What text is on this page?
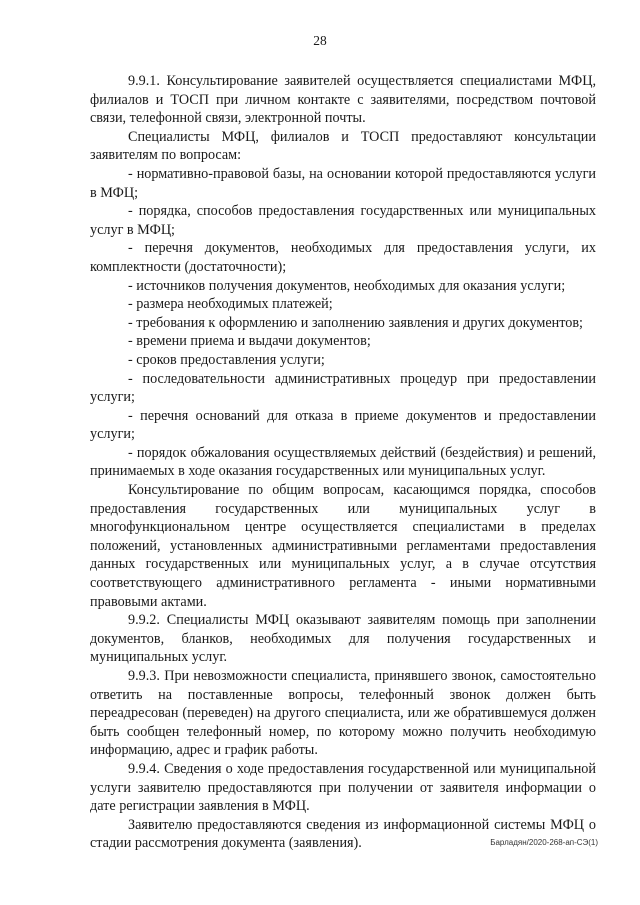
28

9.9.1. Консультирование заявителей осуществляется специалистами МФЦ, филиалов и ТОСП при личном контакте с заявителями, посредством почтовой связи, телефонной связи, электронной почты.

Специалисты МФЦ, филиалов и ТОСП предоставляют консультации заявителям по вопросам:

- нормативно-правовой базы, на основании которой предоставляются услуги в МФЦ;

- порядка, способов предоставления государственных или муниципальных услуг в МФЦ;

- перечня документов, необходимых для предоставления услуги, их комплектности (достаточности);

- источников получения документов, необходимых для оказания услуги;

- размера необходимых платежей;

- требования к оформлению и заполнению заявления и других документов;

- времени приема и выдачи документов;

- сроков предоставления услуги;

- последовательности административных процедур при предоставлении услуги;

- перечня оснований для отказа в приеме документов и предоставлении услуги;

- порядок обжалования осуществляемых действий (бездействия) и решений, принимаемых в ходе оказания государственных или муниципальных услуг.

Консультирование по общим вопросам, касающимся порядка, способов предоставления государственных или муниципальных услуг в многофункциональном центре осуществляется специалистами в пределах положений, установленных административными регламентами предоставления данных государственных или муниципальных услуг, а в случае отсутствия соответствующего административного регламента - иными нормативными правовыми актами.

9.9.2. Специалисты МФЦ оказывают заявителям помощь при заполнении документов, бланков, необходимых для получения государственных и муниципальных услуг.

9.9.3. При невозможности специалиста, принявшего звонок, самостоятельно ответить на поставленные вопросы, телефонный звонок должен быть переадресован (переведен) на другого специалиста, или же обратившемуся должен быть сообщен телефонный номер, по которому можно получить необходимую информацию, адрес и график работы.

9.9.4. Сведения о ходе предоставления государственной или муниципальной услуги заявителю предоставляются при получении от заявителя информации о дате регистрации заявления в МФЦ.

Заявителю предоставляются сведения из информационной системы МФЦ о стадии рассмотрения документа (заявления).	Барладян/2020-268-ап-СЭ(1)
